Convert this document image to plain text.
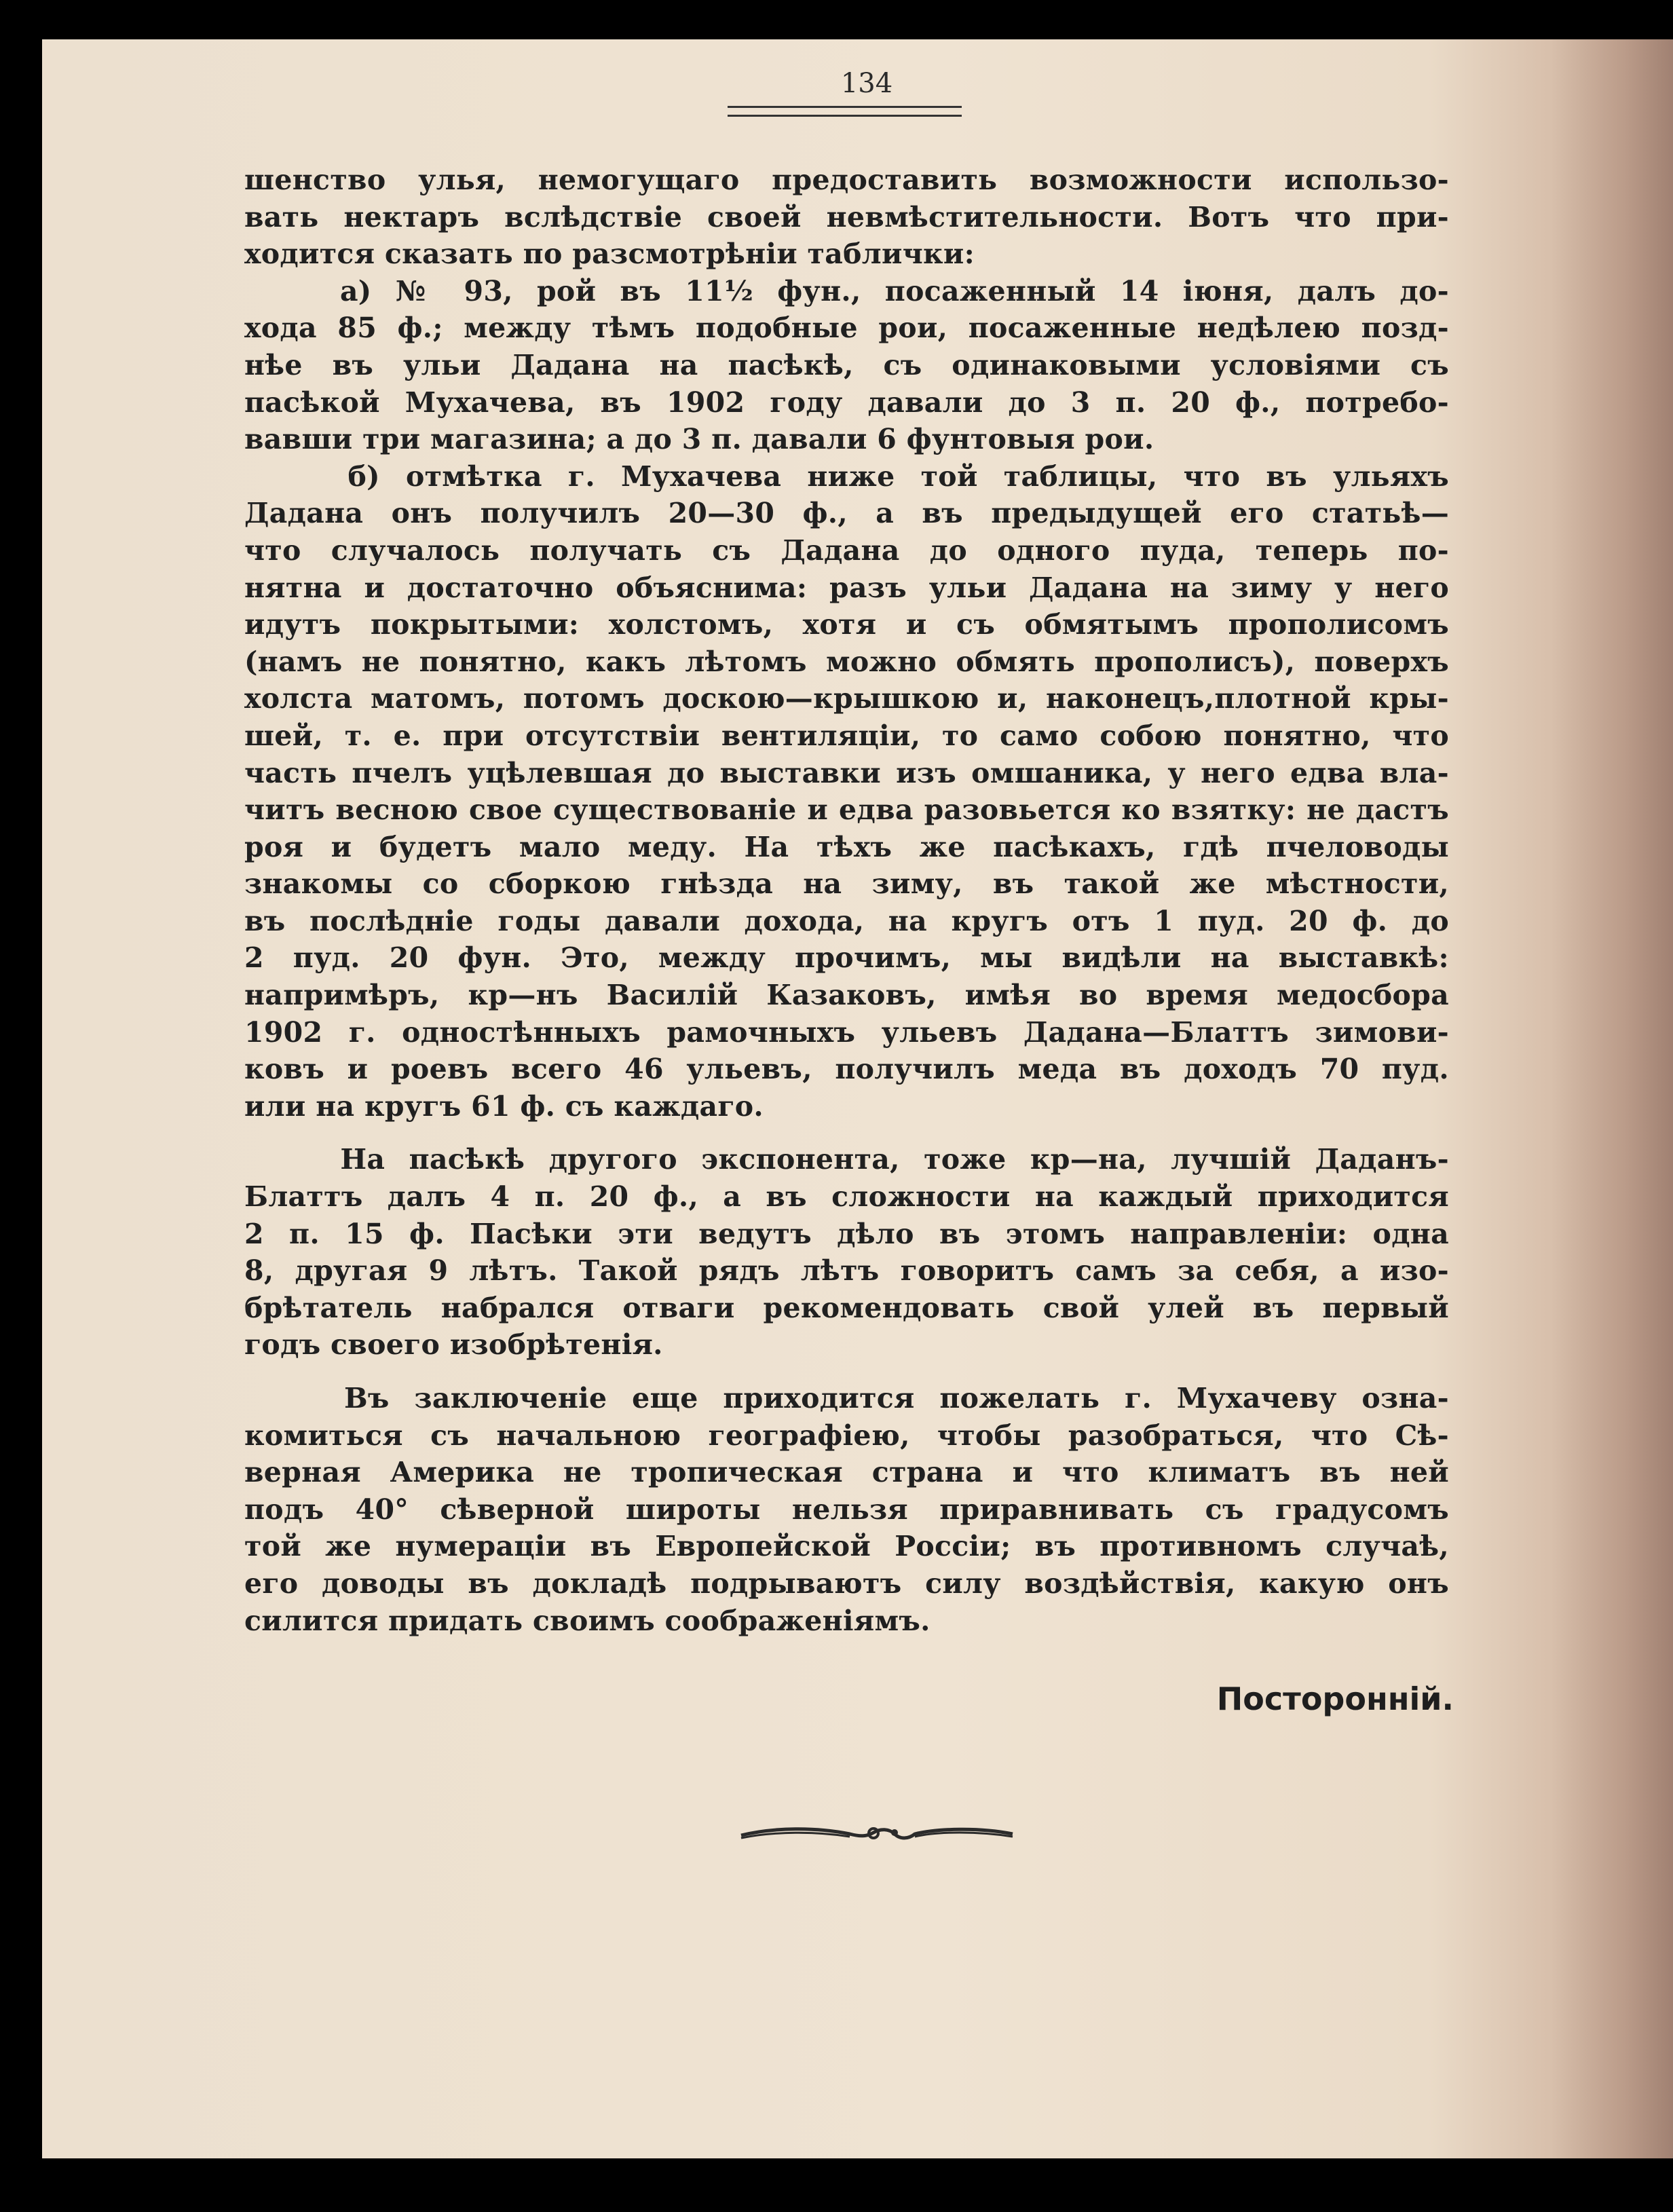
134
шенство улья, немогущаго предоставить возможности использо-
вать нектаръ вслѣдствіе своей невмѣстительности. Вотъ что при-
ходится сказать по разсмотрѣніи таблички:
а) № 93, рой въ 11½ фун., посаженный 14 іюня, далъ до-
хода 85 ф.; между тѣмъ подобные рои, посаженные недѣлею позд-
нѣе въ ульи Дадана на пасѣкѣ, съ одинаковыми условіями съ
пасѣкой Мухачева, въ 1902 году давали до 3 п. 20 ф., потребо-
вавши три магазина; а до 3 п. давали 6 фунтовыя рои.
б) отмѣтка г. Мухачева ниже той таблицы, что въ ульяхъ
Дадана онъ получилъ 20—30 ф., а въ предыдущей его статьѣ—
что случалось получать съ Дадана до одного пуда, теперь по-
нятна и достаточно объяснима: разъ ульи Дадана на зиму у него
идутъ покрытыми: холстомъ, хотя и съ обмятымъ прополисомъ
(намъ не понятно, какъ лѣтомъ можно обмять прополисъ), поверхъ
холста матомъ, потомъ доскою—крышкою и, наконецъ,плотной кры-
шей, т. е. при отсутствіи вентиляціи, то само собою понятно, что
часть пчелъ уцѣлевшая до выставки изъ омшаника, у него едва вла-
читъ весною свое существованіе и едва разовьется ко взятку: не дастъ
роя и будетъ мало меду. На тѣхъ же пасѣкахъ, гдѣ пчеловоды
знакомы со сборкою гнѣзда на зиму, въ такой же мѣстности,
въ послѣдніе годы давали дохода, на кругъ отъ 1 пуд. 20 ф. до
2 пуд. 20 фун. Это, между прочимъ, мы видѣли на выставкѣ:
напримѣръ, кр—нъ Василій Казаковъ, имѣя во время медосбора
1902 г. одностѣнныхъ рамочныхъ ульевъ Дадана—Блаттъ зимови-
ковъ и роевъ всего 46 ульевъ, получилъ меда въ доходъ 70 пуд.
или на кругъ 61 ф. съ каждаго.
На пасѣкѣ другого экспонента, тоже кр—на, лучшій Даданъ-
Блаттъ далъ 4 п. 20 ф., а въ сложности на каждый приходится
2 п. 15 ф. Пасѣки эти ведутъ дѣло въ этомъ направленіи: одна
8, другая 9 лѣтъ. Такой рядъ лѣтъ говоритъ самъ за себя, а изо-
брѣтатель набрался отваги рекомендовать свой улей въ первый
годъ своего изобрѣтенія.
Въ заключеніе еще приходится пожелать г. Мухачеву озна-
комиться съ начальною географіею, чтобы разобраться, что Сѣ-
верная Америка не тропическая страна и что климатъ въ ней
подъ 40° сѣверной широты нельзя приравнивать съ градусомъ
той же нумераціи въ Европейской Россіи; въ противномъ случаѣ,
его доводы въ докладѣ подрываютъ силу воздѣйствія, какую онъ
силится придать своимъ соображеніямъ.
Посторонній.
